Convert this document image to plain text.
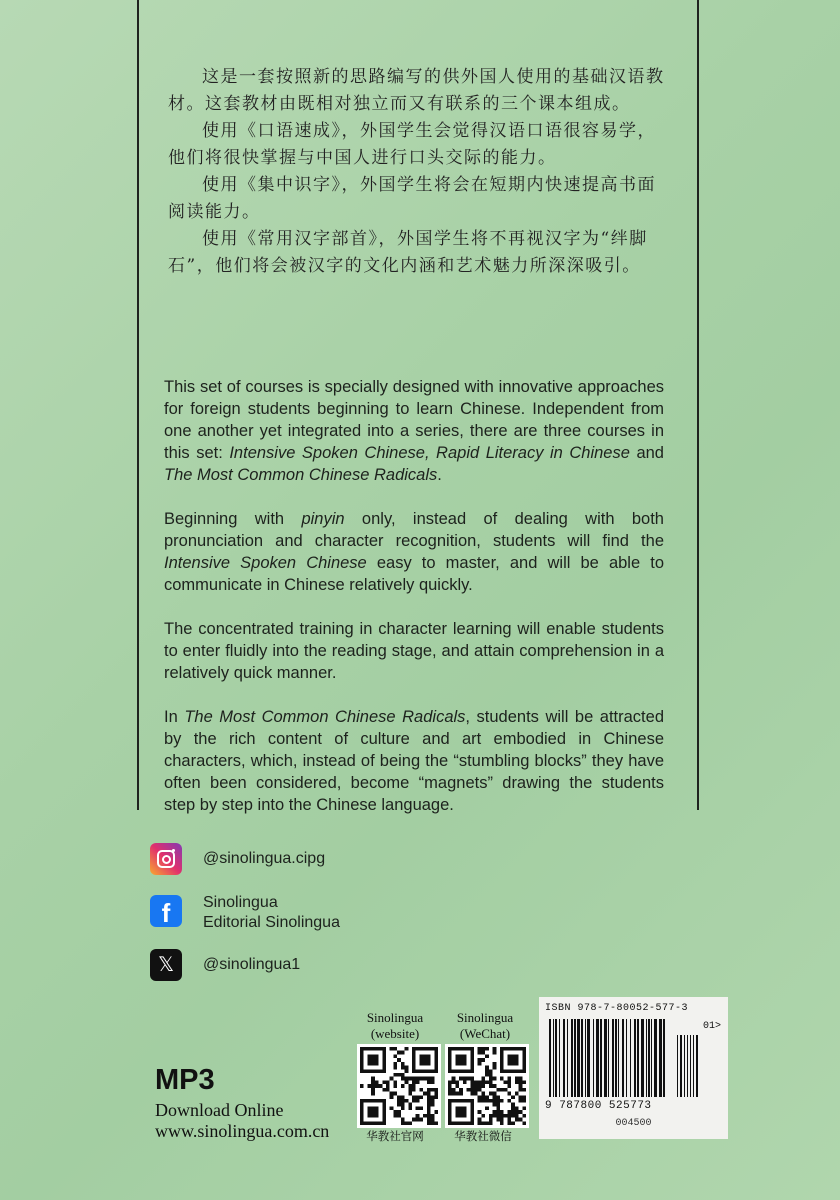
这是一套按照新的思路编写的供外国人使用的基础汉语教材。这套教材由既相对独立而又有联系的三个课本组成。

使用《口语速成》，外国学生会觉得汉语口语很容易学，他们将很快掌握与中国人进行口头交际的能力。

使用《集中识字》，外国学生将会在短期内快速提高书面阅读能力。

使用《常用汉字部首》，外国学生将不再视汉字为“绊脚石”，他们将会被汉字的文化内涵和艺术魅力所深深吸引。

This set of courses is specially designed with innovative approaches for foreign students beginning to learn Chinese. Independent from one another yet integrated into a series, there are three courses in this set: Intensive Spoken Chinese, Rapid Literacy in Chinese and The Most Common Chinese Radicals.

Beginning with pinyin only, instead of dealing with both pronunciation and character recognition, students will find the Intensive Spoken Chinese easy to master, and will be able to communicate in Chinese relatively quickly.

The concentrated training in character learning will enable students to enter fluidly into the reading stage, and attain comprehension in a relatively quick manner.

In The Most Common Chinese Radicals, students will be attracted by the rich content of culture and art embodied in Chinese characters, which, instead of being the “stumbling blocks” they have often been considered, become “magnets” drawing the students step by step into the Chinese language.

@sinolingua.cipg
f	Sinolingua
Editorial Sinolingua
𝕏	@sinolingua1
MP3
Download Online
www.sinolingua.com.cn
Sinolingua
(website)
华教社官网
Sinolingua
(WeChat)
华教社微信
ISBN 978-7-80052-577-3
01>
9 787800 525773
004500
